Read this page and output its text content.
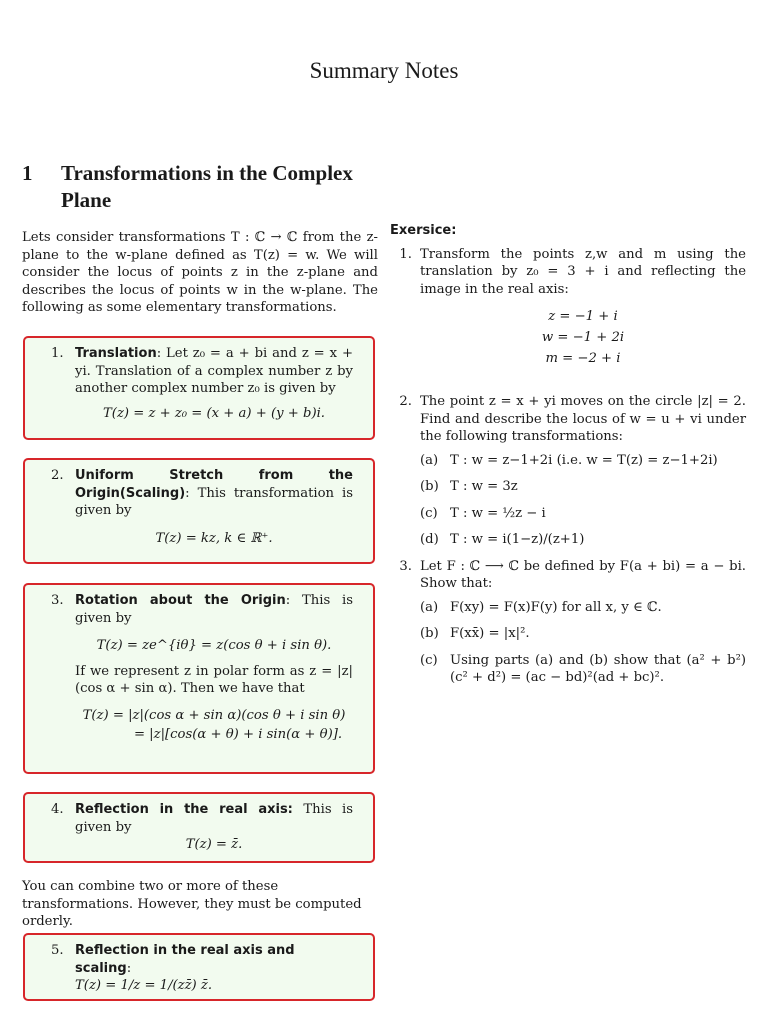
Summary Notes
1	Transformations in the Complex Plane
Lets consider transformations T : ℂ → ℂ from the z-plane to the w-plane defined as T(z) = w. We will consider the locus of points z in the z-plane and describes the locus of points w in the w-plane. The following as some elementary transformations.
1. Translation: Let z₀ = a + bi and z = x + yi. Translation of a complex number z by another complex number z₀ is given by
T(z) = z + z₀ = (x + a) + (y + b)i.
2. Uniform Stretch from the Origin(Scaling): This transformation is given by
T(z) = kz, k ∈ ℝ⁺.
3. Rotation about the Origin: This is given by
T(z) = ze^{iθ} = z(cos θ + i sin θ).
If we represent z in polar form as z = |z|(cos α + sin α). Then we have that
T(z) = |z|(cos α + sin α)(cos θ + i sin θ)
= |z|[cos(α + θ) + i sin(α + θ)].
4. Reflection in the real axis: This is given by
T(z) = z̄.
You can combine two or more of these transformations. However, they must be computed orderly.
5. Reflection in the real axis and scaling:
T(z) = 1/z = 1/(zz̄) z̄.
Exersice:
1. Transform the points z,w and m using the translation by z₀ = 3 + i and reflecting the image in the real axis:
z = −1 + i
w = −1 + 2i
m = −2 + i
2. The point z = x + yi moves on the circle |z| = 2. Find and describe the locus of w = u + vi under the following transformations:
(a) T : w = z−1+2i (i.e. w = T(z) = z−1+2i)
(b) T : w = 3z
(c) T : w = ½z − i
(d) T : w = i(1−z)/(z+1)
3. Let F : ℂ ⟶ ℂ be defined by F(a + bi) = a − bi. Show that:
(a) F(xy) = F(x)F(y) for all x, y ∈ ℂ.
(b) F(xx̄) = |x|².
(c) Using parts (a) and (b) show that (a² + b²)(c² + d²) = (ac − bd)²(ad + bc)².
